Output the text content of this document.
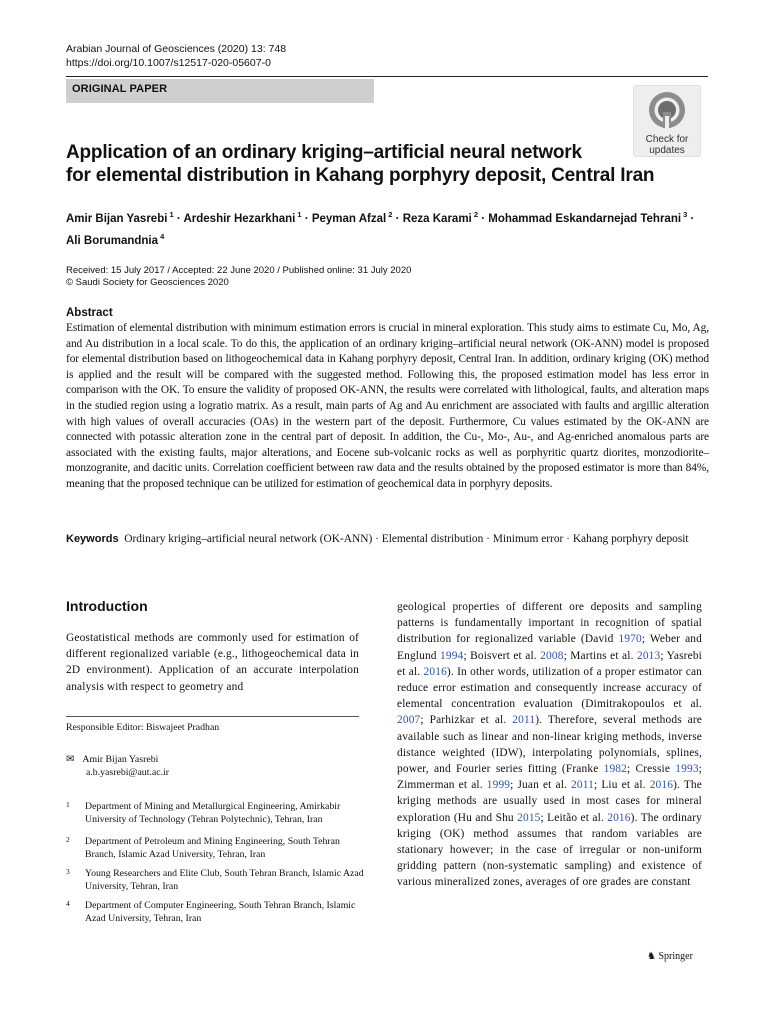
Arabian Journal of Geosciences (2020) 13: 748
https://doi.org/10.1007/s12517-020-05607-0
ORIGINAL PAPER
Check for
updates
Application of an ordinary kriging–artificial neural network
for elemental distribution in Kahang porphyry deposit, Central Iran
Amir Bijan Yasrebi $^1$ · Ardeshir Hezarkhani $^1$ · Peyman Afzal $^2$ · Reza Karami $^2$ · Mohammad Eskandarnejad Tehrani $^3$ ·
Ali Borumandnia $^4$
Received: 15 July 2017 / Accepted: 22 June 2020 / Published online: 31 July 2020
© Saudi Society for Geosciences 2020
Abstract
Estimation of elemental distribution with minimum estimation errors is crucial in mineral exploration. This study aims to estimate Cu, Mo, Ag, and Au distribution in a local scale. To do this, the application of an ordinary kriging–artificial neural network (OK-ANN) model is proposed for elemental distribution based on lithogeochemical data in Kahang porphyry deposit, Central Iran. In addition, ordinary kriging (OK) method is applied and the result will be compared with the suggested method. Following this, the proposed estimation model has less error in comparison with the OK. To ensure the validity of proposed OK-ANN, the results were correlated with lithological, faults, and alteration maps in the studied region using a logratio matrix. As a result, main parts of Ag and Au enrichment are associated with faults and argillic alteration with high values of overall accuracies (OAs) in the western part of the deposit. Furthermore, Cu values estimated by the OK-ANN are connected with potassic alteration zone in the central part of deposit. In addition, the Cu-, Mo-, Au-, and Ag-enriched anomalous parts are associated with the existing faults, major alterations, and Eocene sub-volcanic rocks as well as porphyritic quartz diorites, monzodiorite–monzogranite, and dacitic units. Correlation coefficient between raw data and the results obtained by the proposed estimator is more than 84%, meaning that the proposed technique can be utilized for estimation of geochemical data in porphyry deposits.
Keywords Ordinary kriging–artificial neural network (OK-ANN) · Elemental distribution · Minimum error · Kahang porphyry deposit
Introduction
Geostatistical methods are commonly used for estimation of different regionalized variable (e.g., lithogeochemical data in 2D environment). Application of an accurate interpolation analysis with respect to geometry and
geological properties of different ore deposits and sampling patterns is fundamentally important in recognition of spatial distribution for regionalized variable (David 1970; Weber and Englund 1994; Boisvert et al. 2008; Martins et al. 2013; Yasrebi et al. 2016). In other words, utilization of a proper estimator can reduce error estimation and consequently increase accuracy of elemental concentration evaluation (Dimitrakopoulos et al. 2007; Parhizkar et al. 2011). Therefore, several methods are available such as linear and non-linear kriging methods, inverse distance weighted (IDW), interpolating polynomials, splines, power, and Fourier series fitting (Franke 1982; Cressie 1993; Zimmerman et al. 1999; Juan et al. 2011; Liu et al. 2016). The kriging methods are usually used in most cases for mineral exploration (Hu and Shu 2015; Leitão et al. 2016). The ordinary kriging (OK) method assumes that random variables are stationary however; in the case of irregular or non-uniform gridding pattern (non-systematic sampling) and existence of various mineralized zones, averages of ore grades are constant
Responsible Editor: Biswajeet Pradhan
✉ Amir Bijan Yasrebi
a.b.yasrebi@aut.ac.ir
1 Department of Mining and Metallurgical Engineering, Amirkabir University of Technology (Tehran Polytechnic), Tehran, Iran
2 Department of Petroleum and Mining Engineering, South Tehran Branch, Islamic Azad University, Tehran, Iran
3 Young Researchers and Elite Club, South Tehran Branch, Islamic Azad University, Tehran, Iran
4 Department of Computer Engineering, South Tehran Branch, Islamic Azad University, Tehran, Iran
♞ Springer
